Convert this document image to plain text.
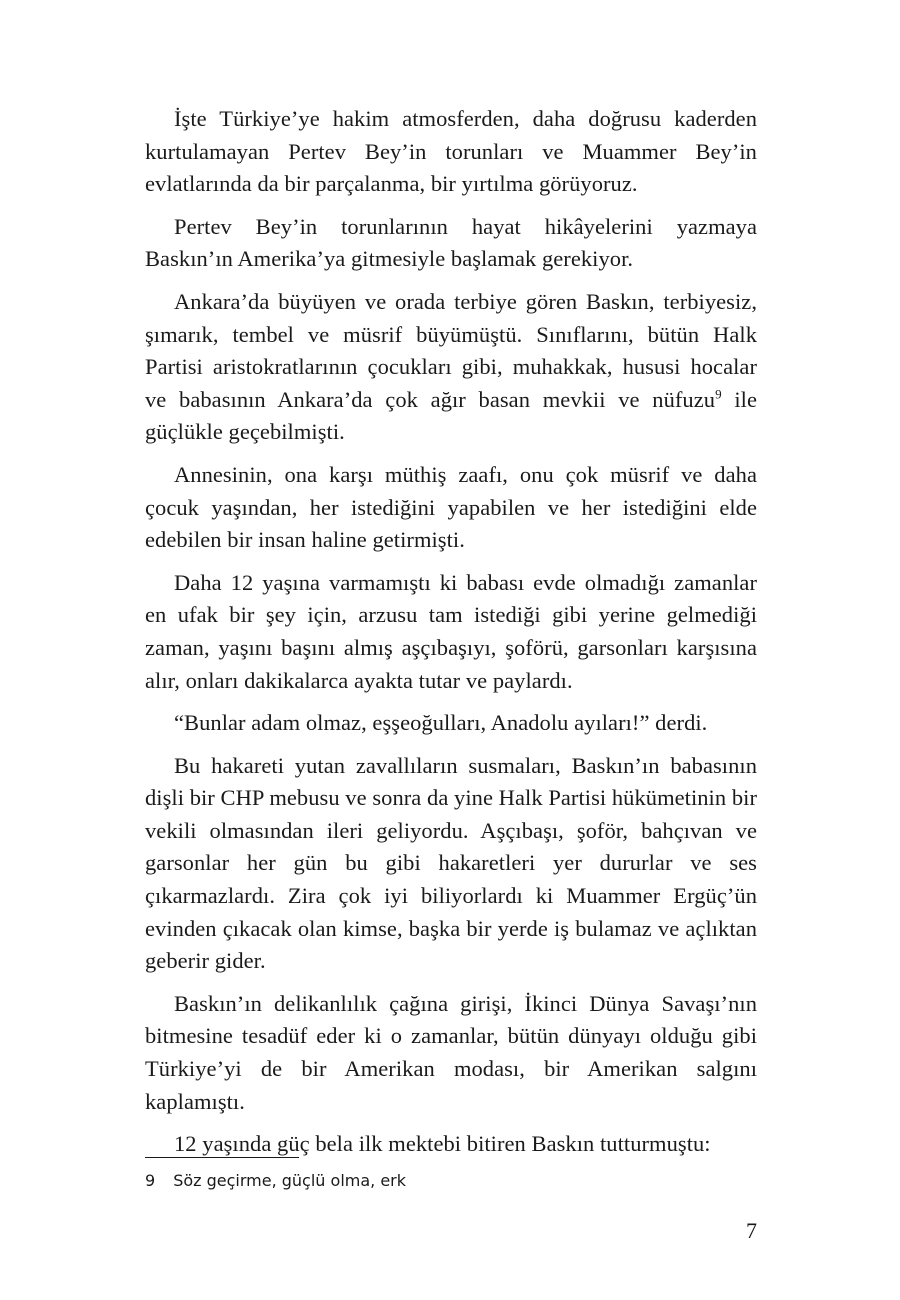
İşte Türkiye’ye hakim atmosferden, daha doğrusu kaderden kurtulamayan Pertev Bey’in torunları ve Muammer Bey’in evlatlarında da bir parçalanma, bir yırtılma görüyoruz.

Pertev Bey’in torunlarının hayat hikâyelerini yazmaya Baskın’ın Amerika’ya gitmesiyle başlamak gerekiyor.

Ankara’da büyüyen ve orada terbiye gören Baskın, terbiyesiz, şımarık, tembel ve müsrif büyümüştü. Sınıflarını, bütün Halk Partisi aristokratlarının çocukları gibi, muhakkak, hususi hocalar ve babasının Ankara’da çok ağır basan mevkii ve nüfuzu$^9$ ile güçlükle geçebilmişti.

Annesinin, ona karşı müthiş zaafı, onu çok müsrif ve daha çocuk yaşından, her istediğini yapabilen ve her istediğini elde edebilen bir insan haline getirmişti.

Daha 12 yaşına varmamıştı ki babası evde olmadığı zamanlar en ufak bir şey için, arzusu tam istediği gibi yerine gelmediği zaman, yaşını başını almış aşçıbaşıyı, şoförü, garsonları karşısına alır, onları dakikalarca ayakta tutar ve paylardı.

“Bunlar adam olmaz, eşşeoğulları, Anadolu ayıları!” derdi.

Bu hakareti yutan zavallıların susmaları, Baskın’ın babasının dişli bir CHP mebusu ve sonra da yine Halk Partisi hükümetinin bir vekili olmasından ileri geliyordu. Aşçıbaşı, şoför, bahçıvan ve garsonlar her gün bu gibi hakaretleri yer dururlar ve ses çıkarmazlardı. Zira çok iyi biliyorlardı ki Muammer Ergüç’ün evinden çıkacak olan kimse, başka bir yerde iş bulamaz ve açlıktan geberir gider.

Baskın’ın delikanlılık çağına girişi, İkinci Dünya Savaşı’nın bitmesine tesadüf eder ki o zamanlar, bütün dünyayı olduğu gibi Türkiye’yi de bir Amerikan modası, bir Amerikan salgını kaplamıştı.

12 yaşında güç bela ilk mektebi bitiren Baskın tutturmuştu:

9 Söz geçirme, güçlü olma, erk
7
